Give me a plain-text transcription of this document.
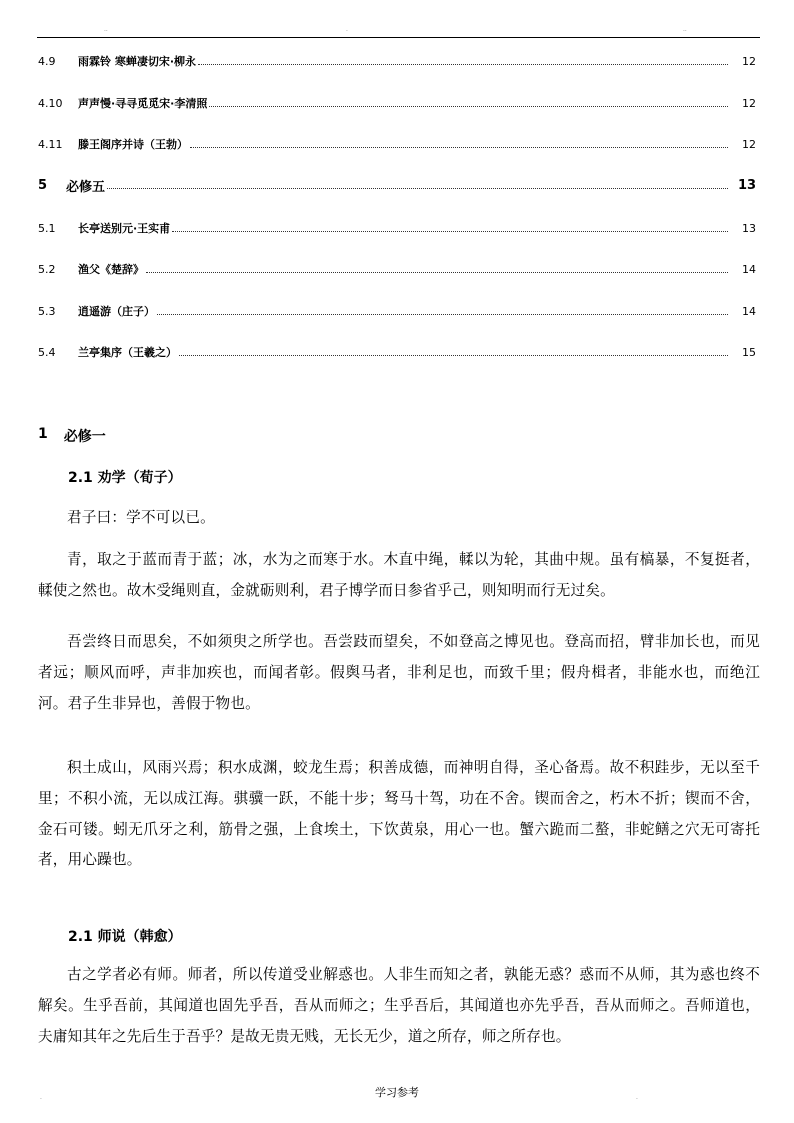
..	.	..
4.9	雨霖铃 寒蝉凄切宋·柳永	12
4.10	声声慢·寻寻觅觅宋·李清照	12
4.11	滕王阁序并诗（王勃）	12
5	必修五	13
5.1	长亭送别元·王实甫	13
5.2	渔父《楚辞》	14
5.3	逍遥游（庄子）	14
5.4	兰亭集序（王羲之）	15
1 必修一
2.1 劝学（荀子）
君子曰：学不可以已。
青，取之于蓝而青于蓝；冰，水为之而寒于水。木直中绳，輮以为轮，其曲中规。虽有槁暴，不复挺者，輮使之然也。故木受绳则直，金就砺则利，君子博学而日参省乎己，则知明而行无过矣。
吾尝终日而思矣，不如须臾之所学也。吾尝跂而望矣，不如登高之博见也。登高而招，臂非加长也，而见者远；顺风而呼，声非加疾也，而闻者彰。假舆马者，非利足也，而致千里；假舟楫者，非能水也，而绝江河。君子生非异也，善假于物也。
积土成山，风雨兴焉；积水成渊，蛟龙生焉；积善成德，而神明自得，圣心备焉。故不积跬步，无以至千里；不积小流，无以成江海。骐骥一跃，不能十步；驽马十驾，功在不舍。锲而舍之，朽木不折；锲而不舍，金石可镂。蚓无爪牙之利，筋骨之强，上食埃土，下饮黄泉，用心一也。蟹六跪而二螯，非蛇鳝之穴无可寄托者，用心躁也。
2.1 师说（韩愈）
古之学者必有师。师者，所以传道受业解惑也。人非生而知之者，孰能无惑？惑而不从师，其为惑也终不解矣。生乎吾前，其闻道也固先乎吾，吾从而师之；生乎吾后，其闻道也亦先乎吾，吾从而师之。吾师道也，夫庸知其年之先后生于吾乎？是故无贵无贱，无长无少，道之所存，师之所存也。
学习参考
.	.
